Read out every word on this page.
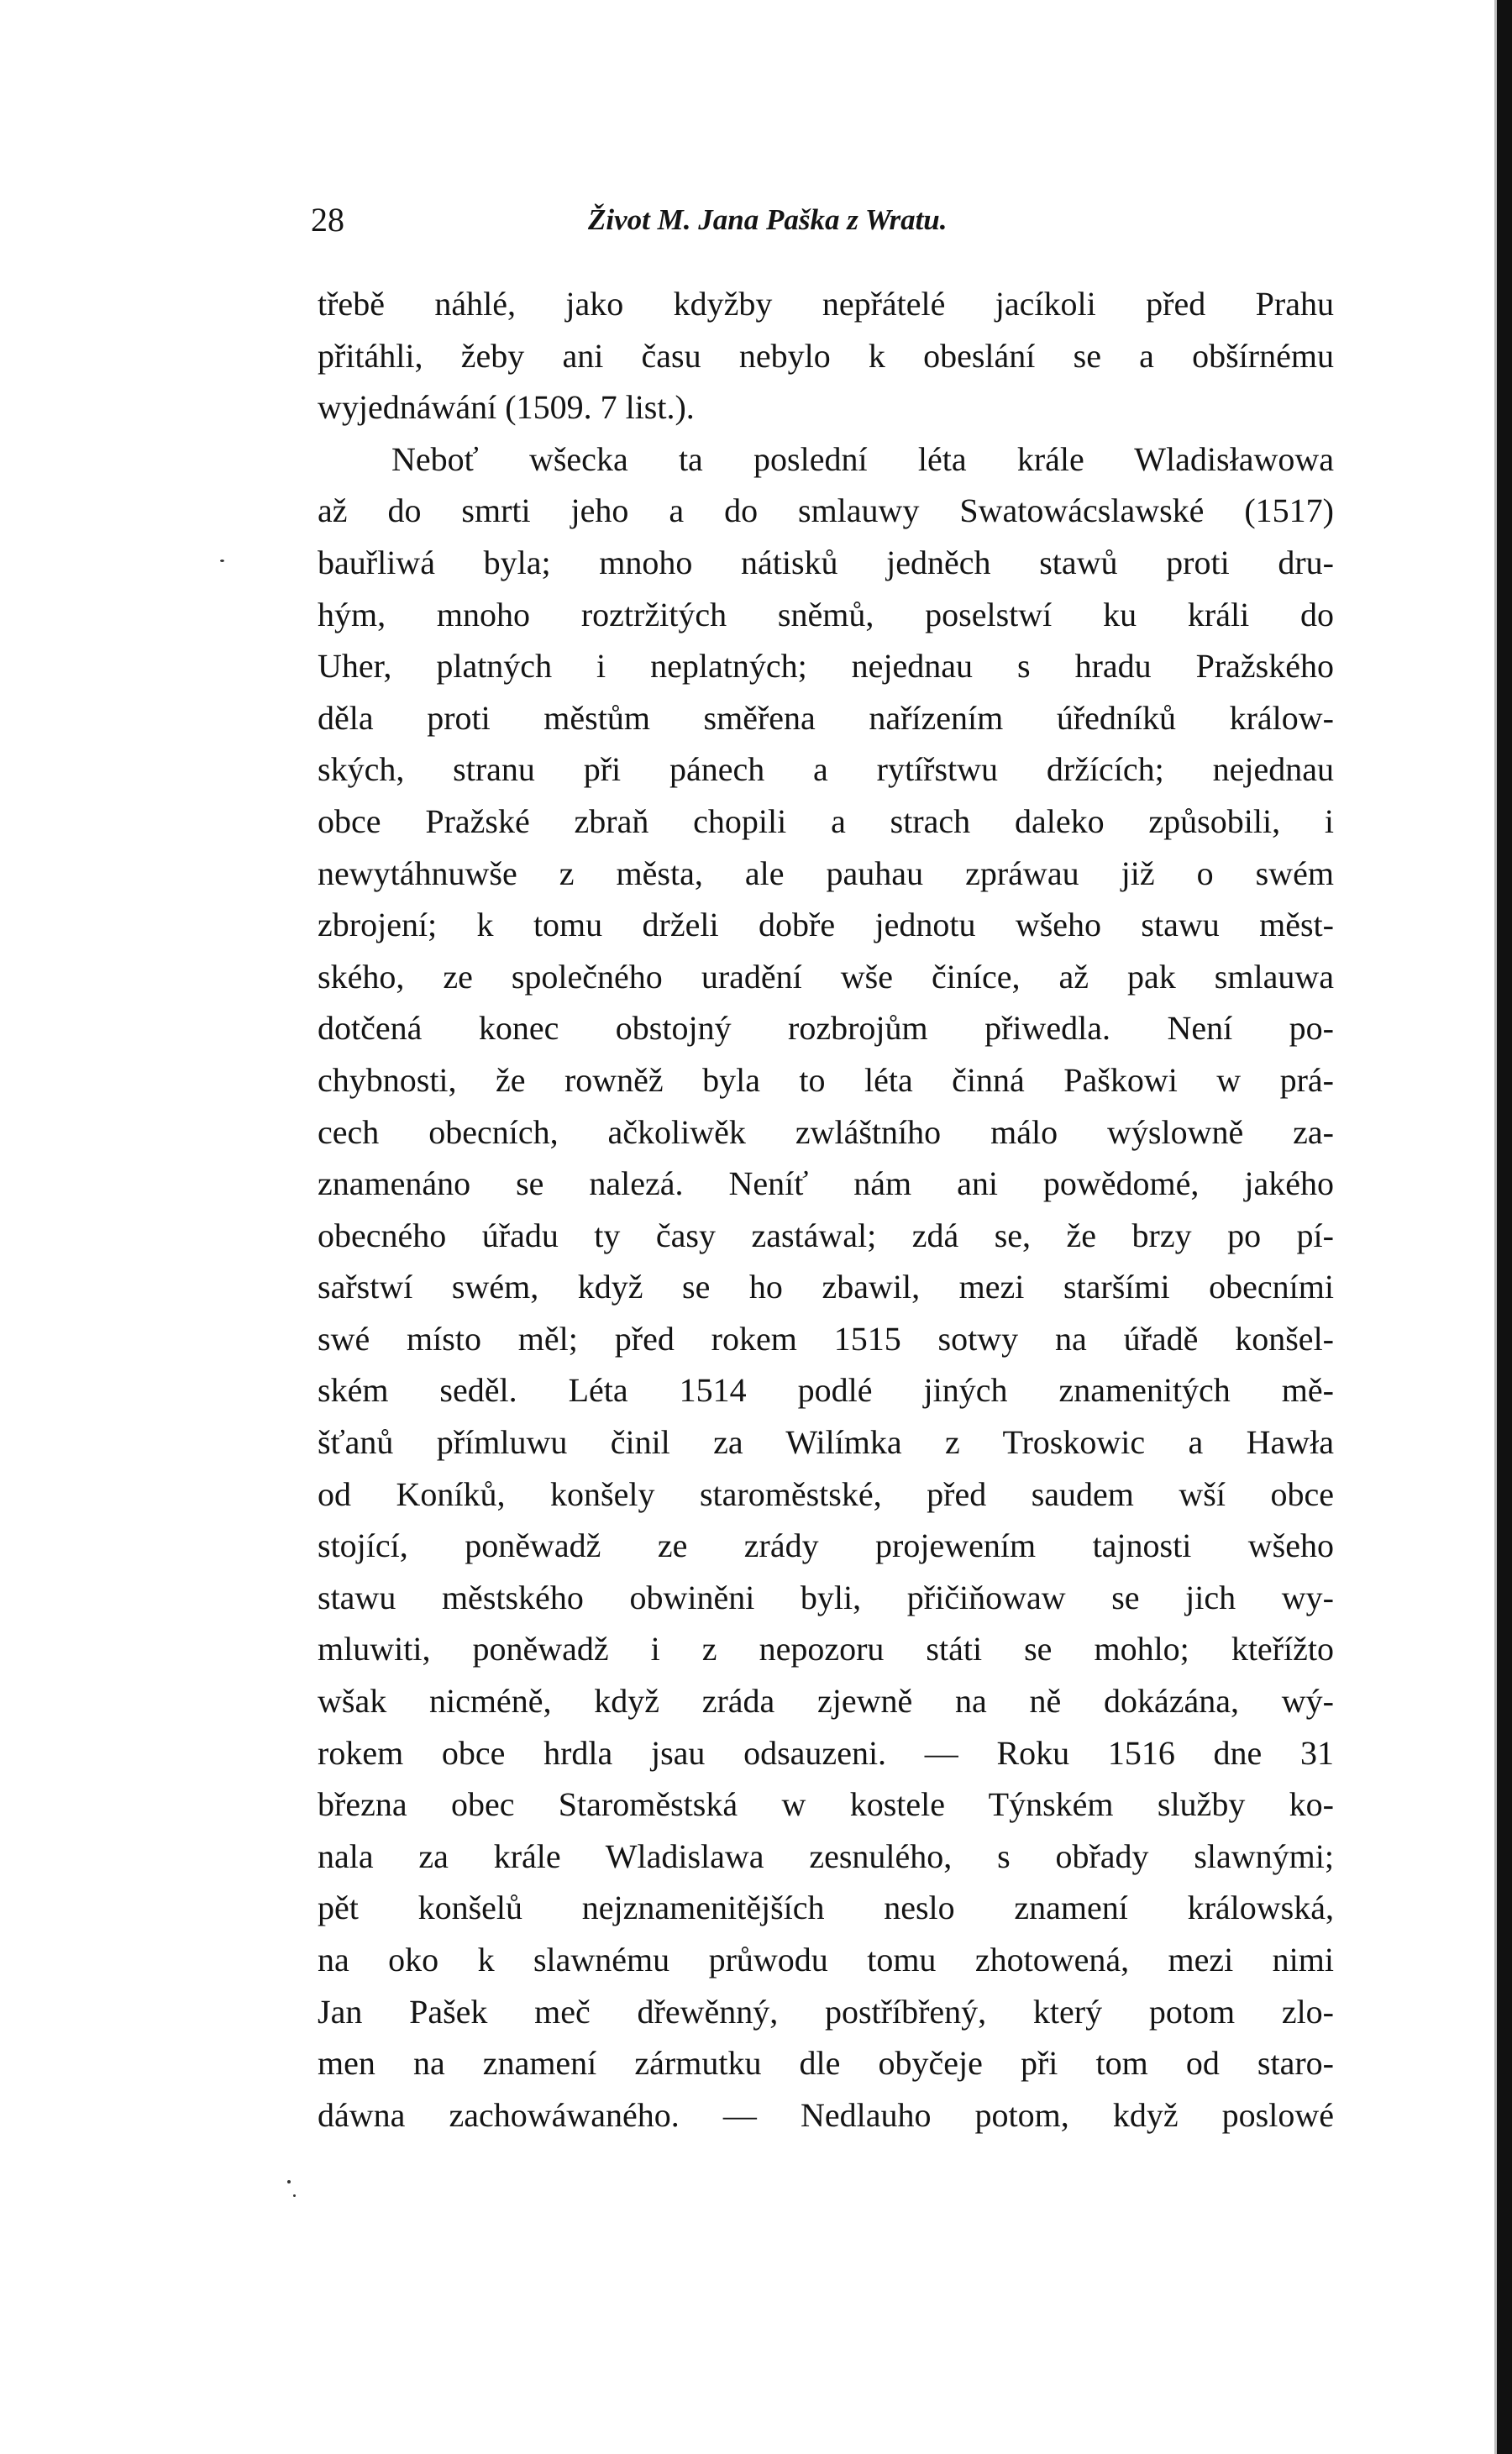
28	Život M. Jana Paška z Wratu.
třebě náhlé, jako kdyžby nepřátelé jacíkoli před Prahu
přitáhli, žeby ani času nebylo k obeslání se a obšírnému
wyjednáwání (1509. 7 list.).
Neboť wšecka ta poslední léta krále Wladisławowa
až do smrti jeho a do smlauwy Swatowácslawské (1517)
bauřliwá byla; mnoho nátisků jedněch stawů proti dru-
hým, mnoho roztržitých sněmů, poselstwí ku králi do
Uher, platných i neplatných; nejednau s hradu Pražského
děla proti městům směřena nařízením úředníků králow-
ských, stranu při pánech a rytířstwu držících; nejednau
obce Pražské zbraň chopili a strach daleko způsobili, i
newytáhnuwše z města, ale pauhau zpráwau již o swém
zbrojení; k tomu drželi dobře jednotu wšeho stawu měst-
ského, ze společného uradění wše činíce, až pak smlauwa
dotčená konec obstojný rozbrojům přiwedla. Není po-
chybnosti, že rowněž byla to léta činná Paškowi w prá-
cech obecních, ačkoliwěk zwláštního málo wýslowně za-
znamenáno se nalezá. Neníť nám ani powědomé, jakého
obecného úřadu ty časy zastáwal; zdá se, že brzy po pí-
sařstwí swém, když se ho zbawil, mezi staršími obecními
swé místo měl; před rokem 1515 sotwy na úřadě konšel-
ském seděl. Léta 1514 podlé jiných znamenitých mě-
šťanů přímluwu činil za Wilímka z Troskowic a Hawła
od Koníků, konšely staroměstské, před saudem wší obce
stojící, poněwadž ze zrády projewením tajnosti wšeho
stawu městského obwiněni byli, přičiňowaw se jich wy-
mluwiti, poněwadž i z nepozoru státi se mohlo; kteřížto
wšak nicméně, když zráda zjewně na ně dokázána, wý-
rokem obce hrdla jsau odsauzeni. — Roku 1516 dne 31
března obec Staroměstská w kostele Týnském služby ko-
nala za krále Wladislawa zesnulého, s obřady slawnými;
pět konšelů nejznamenitějších neslo znamení králowská,
na oko k slawnému průwodu tomu zhotowená, mezi nimi
Jan Pašek meč dřewěnný, postříbřený, který potom zlo-
men na znamení zármutku dle obyčeje při tom od staro-
dáwna zachowáwaného. — Nedlauho potom, když poslowé
